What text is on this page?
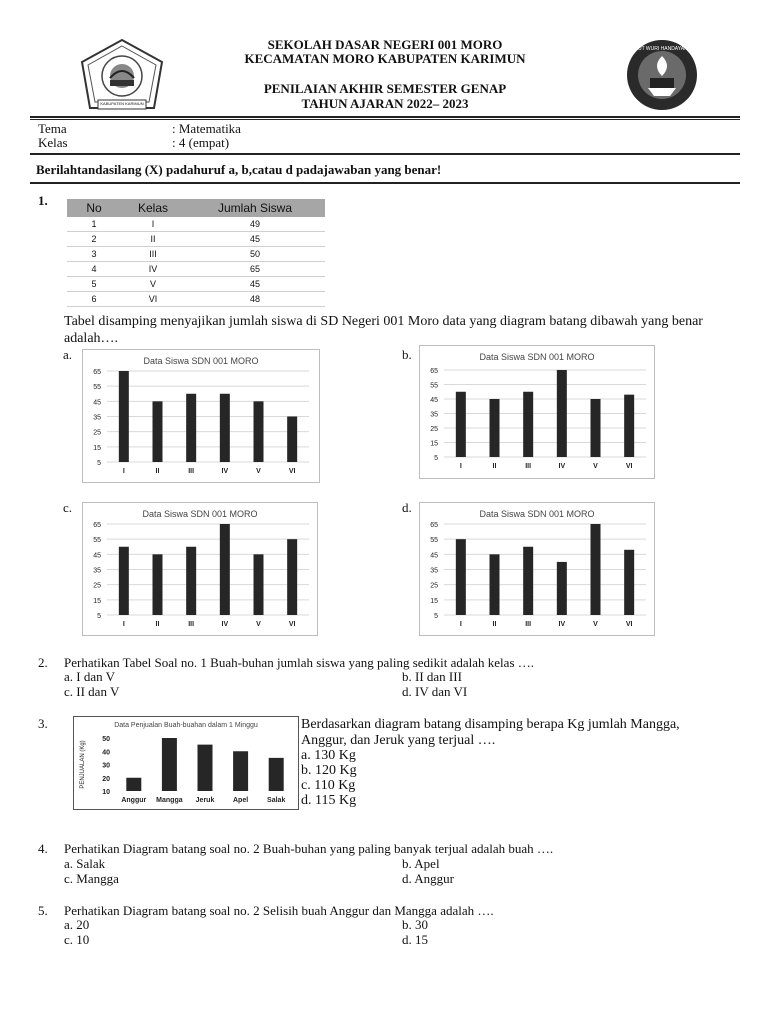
KABUPATEN KARIMUN
TUT WURI HANDAYANI
SEKOLAH DASAR NEGERI 001 MORO
KECAMATAN MORO KABUPATEN KARIMUN
PENILAIAN AKHIR SEMESTER GENAP
TAHUN AJARAN 2022– 2023
Tema	: Matematika
Kelas	: 4 (empat)
Berilahtandasilang (X) padahuruf a, b,catau d padajawaban yang benar!
1.	No	Kelas	Jumlah Siswa
1	I	49
2	II	45
3	III	50
4	IV	65
5	V	45
6	VI	48
Tabel disamping menyajikan jumlah siswa di SD Negeri 001 Moro data yang diagram batang dibawah yang benar adalah….
a.	b.
c.	d.
Data Siswa SDN 001 MORO
65
55
45
35
25
15
5
I	II	III	IV	V	VI
Data Siswa SDN 001 MORO
65
55
45
35
25
15
5
I	II	III	IV	V	VI
Data Siswa SDN 001 MORO
65
55
45
35
25
15
5
I	II	III	IV	V	VI
Data Siswa SDN 001 MORO
65
55
45
35
25
15
5
I	II	III	IV	V	VI
2. Perhatikan Tabel Soal no. 1 Buah-buhan jumlah siswa yang paling sedikit adalah kelas ….
a. I dan V	b. II dan III
c. II dan V	d. IV dan VI
3.	Data Penjualan Buah-buahan dalam 1 Minggu
50
40
30
20
10
PENJUALAN (Kg)
Anggur Mangga Jeruk	Apel	Salak
Berdasarkan diagram batang disamping berapa Kg jumlah Mangga,
Anggur, dan Jeruk yang terjual ….
a. 130 Kg
b. 120 Kg
c. 110 Kg
d. 115 Kg
4. Perhatikan Diagram batang soal no. 2 Buah-buhan yang paling banyak terjual adalah buah ….
a. Salak	b. Apel
c. Mangga	d. Anggur
5. Perhatikan Diagram batang soal no. 2 Selisih buah Anggur dan Mangga adalah ….
a. 20	b. 30
c. 10	d. 15
